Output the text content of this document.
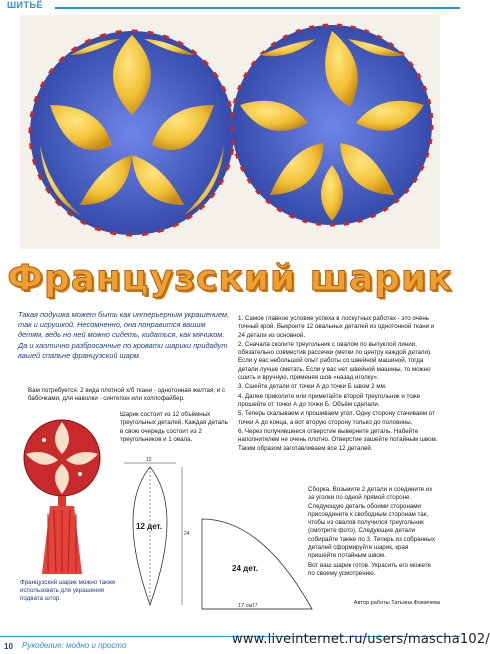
ШИТЬЁ
Французский шарик

Такая подушка может быть как интерьерным украшением, так и игрушкой. Несомненно, она понравится вашим детям, ведь но ней можно сидеть, кидаться, как мячиком. Да и хаотично разбросанные по кровати шарики придадут вашей спальне французский шарм.

Вам потребуется: 2 вида плотной х/б ткани - однотонная желтая, и с бабочками, для наволки - синтепон или холлофайбер.

Шарик состоит из 12 объёмных треугольных деталей. Каждая деталь в свою очередь состоит из 2 треугольников и 1 овала.

12 дет.
12
24
24 дет.
17

Французский шарик можно также использовать для украшения подвата штор.

1. Самое главное условие успеха в лоскутных работах - это очень точный крой. Выкроите 12 овальных деталей из однотонной ткани и 24 детали из основной.

2. Сначала сколите треугольник с овалом по выпуклой линии, обязательно совместив рассечки (метки по центру каждой детали). Если у вас небольшой опыт работы со швейной машиной, тогда детали лучше сметать. Если у вас нет швейной машины, то можно сшить и вручную, применяя шов «назад иголку».

3. Сшейте детали от точки А до точки Б швом 2 мм.

4. Далее приколите или приметайте второй треугольник и тоже прошейте от точки А до точки Б. Объём сделали.

5. Теперь скалываем и прошиваем угол. Одну сторону стачиваем от точки А до конца, а вот вторую сторону только до половины.

6. Через получившееся отверстие выверните деталь. Набейте наполнителем не очень плотно. Отверстие зашейте потайным швом.

Таким образом заготавливаем все 12 деталей.

Сборка. Возьмите 2 детали и соедините их за уголки по одной прямой стороне. Следующую деталь обоими сторонами присоедините к свободным сторонам так, чтобы из овалов получился треугольник (смотрите фото). Следующие детали собирайте также по 3. Теперь из собранных деталей сформируйте шарик, края пришейте потайным швом.

Вот ваш шарик готов. Украсить его можете по своему усмотрению.

Автор работы Татьяна Фомичева

17 см
10 Рукоделие: модно и просто	www.liveinternet.ru/users/mascha102/
